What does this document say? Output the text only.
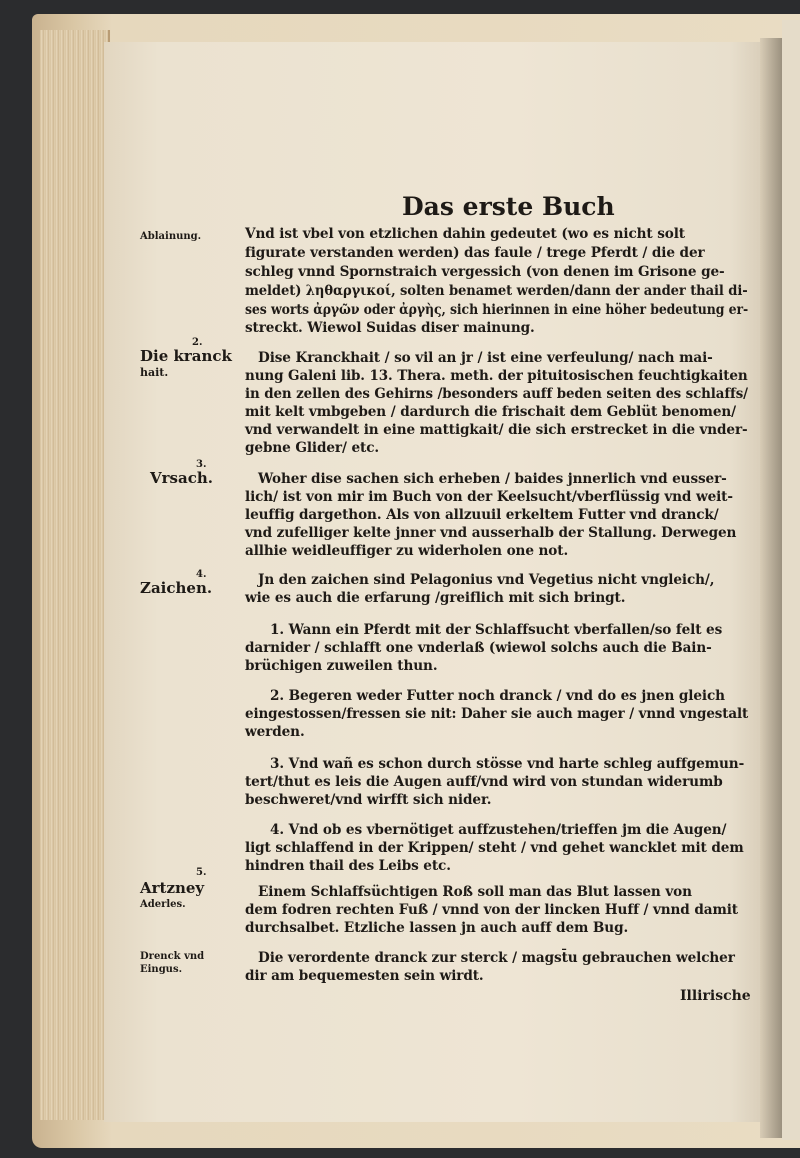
Das erste Buch
Ablainung.
2.
Die kranck
hait.
3.
Vrsach.
4.
Zaichen.
5.
Artzney
Aderles.
Drenck vnd
Eingus.
Vnd ist vbel von etzlichen dahin gedeutet (wo es nicht solt
figurate verstanden werden) das faule / trege Pferdt / die der
schleg vnnd Spornstraich vergessich (von denen im Grisone ge-
meldet) ληθαργικοί, solten benamet werden/dann der ander thail di-
ses worts ἀργῶν oder ἀργὴς, sich hierinnen in eine höher bedeutung er-
streckt. Wiewol Suidas diser mainung.
Dise Kranckhait / so vil an jr / ist eine verfeulung/ nach mai-
nung Galeni lib. 13. Thera. meth. der pituitosischen feuchtigkaiten
in den zellen des Gehirns /besonders auff beden seiten des schlaffs/
mit kelt vmbgeben / dardurch die frischait dem Geblüt benomen/
vnd verwandelt in eine mattigkait/ die sich erstrecket in die vnder-
gebne Glider/ etc.
Woher dise sachen sich erheben / baides jnnerlich vnd eusser-
lich/ ist von mir im Buch von der Keelsucht/vberflüssig vnd weit-
leuffig dargethon. Als von allzuuil erkeltem Futter vnd dranck/
vnd zufelliger kelte jnner vnd ausserhalb der Stallung. Derwegen
allhie weidleuffiger zu widerholen one not.
Jn den zaichen sind Pelagonius vnd Vegetius nicht vngleich/,
wie es auch die erfarung /greiflich mit sich bringt.
1. Wann ein Pferdt mit der Schlaffsucht vberfallen/so felt es
darnider / schlafft one vnderlaß (wiewol solchs auch die Bain-
brüchigen zuweilen thun.
2. Begeren weder Futter noch dranck / vnd do es jnen gleich
eingestossen/fressen sie nit: Daher sie auch mager / vnnd vngestalt
werden.
3. Vnd wañ es schon durch stösse vnd harte schleg auffgemun-
tert/thut es leis die Augen auff/vnd wird von stundan widerumb
beschweret/vnd wirfft sich nider.
4. Vnd ob es vbernötiget auffzustehen/trieffen jm die Augen/
ligt schlaffend in der Krippen/ steht / vnd gehet wancklet mit dem
hindren thail des Leibs etc.
Einem Schlaffsüchtigen Roß soll man das Blut lassen von
dem fodren rechten Fuß / vnnd von der lincken Huff / vnnd damit
durchsalbet. Etzliche lassen jn auch auff dem Bug.
Die verordente dranck zur sterck / magst̄u gebrauchen welcher
dir am bequemesten sein wirdt.
Illirische
